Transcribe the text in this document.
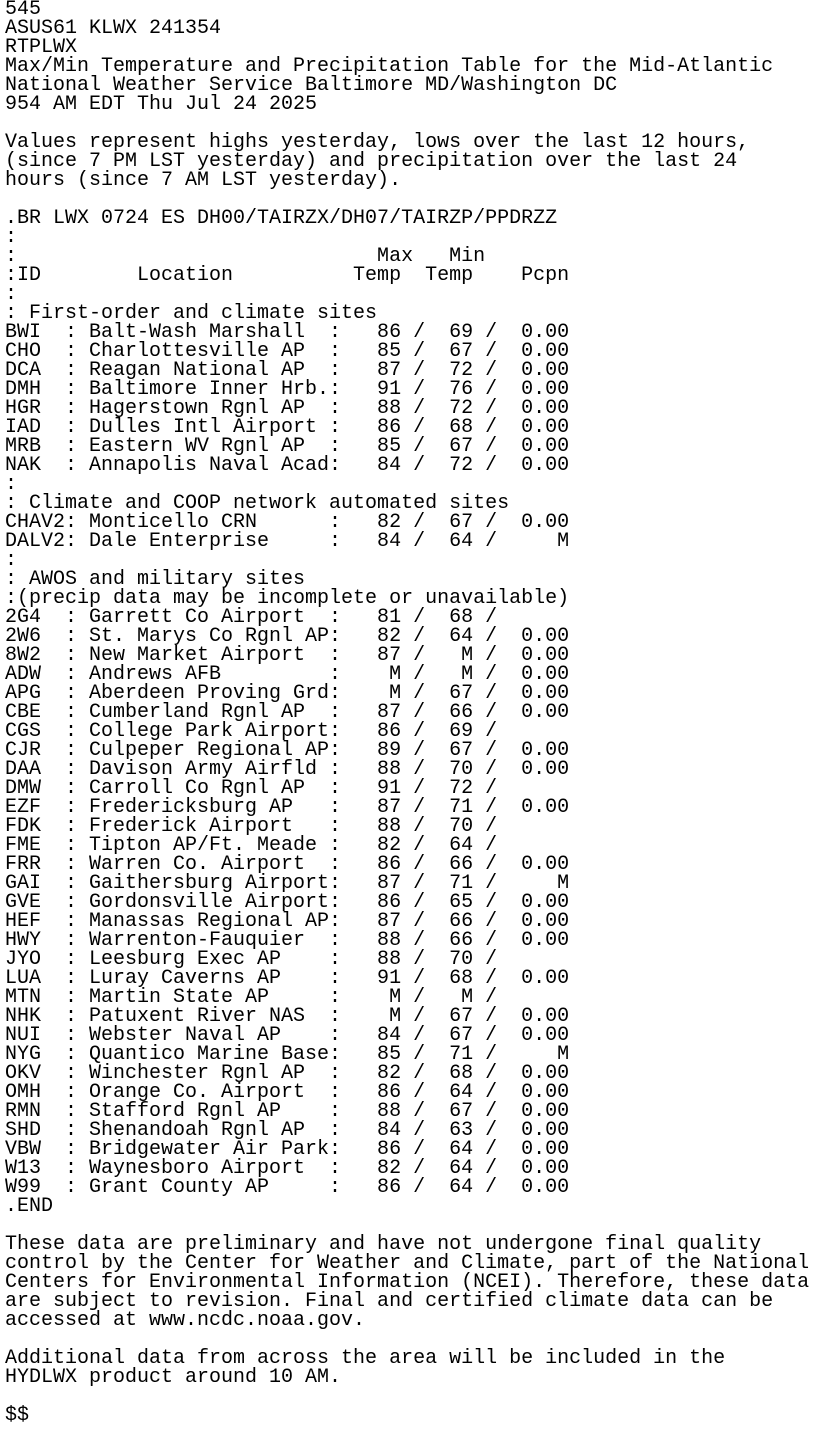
545
ASUS61 KLWX 241354
RTPLWX
Max/Min Temperature and Precipitation Table for the Mid-Atlantic
National Weather Service Baltimore MD/Washington DC
954 AM EDT Thu Jul 24 2025
Values represent highs yesterday, lows over the last 12 hours,
(since 7 PM LST yesterday) and precipitation over the last 24
hours (since 7 AM LST yesterday).
.BR LWX 0724 ES DH00/TAIRZX/DH07/TAIRZP/PPDRZZ
:
:                              Max   Min
:ID        Location          Temp  Temp    Pcpn
:
: First-order and climate sites
BWI  : Balt-Wash Marshall  :   86 /  69 /  0.00
CHO  : Charlottesville AP  :   85 /  67 /  0.00
DCA  : Reagan National AP  :   87 /  72 /  0.00
DMH  : Baltimore Inner Hrb.:   91 /  76 /  0.00
HGR  : Hagerstown Rgnl AP  :   88 /  72 /  0.00
IAD  : Dulles Intl Airport :   86 /  68 /  0.00
MRB  : Eastern WV Rgnl AP  :   85 /  67 /  0.00
NAK  : Annapolis Naval Acad:   84 /  72 /  0.00
:
: Climate and COOP network automated sites
CHAV2: Monticello CRN      :   82 /  67 /  0.00
DALV2: Dale Enterprise     :   84 /  64 /     M
:
: AWOS and military sites
:(precip data may be incomplete or unavailable)
2G4  : Garrett Co Airport  :   81 /  68 /
2W6  : St. Marys Co Rgnl AP:   82 /  64 /  0.00
8W2  : New Market Airport  :   87 /   M /  0.00
ADW  : Andrews AFB         :    M /   M /  0.00
APG  : Aberdeen Proving Grd:    M /  67 /  0.00
CBE  : Cumberland Rgnl AP  :   87 /  66 /  0.00
CGS  : College Park Airport:   86 /  69 /
CJR  : Culpeper Regional AP:   89 /  67 /  0.00
DAA  : Davison Army Airfld :   88 /  70 /  0.00
DMW  : Carroll Co Rgnl AP  :   91 /  72 /
EZF  : Fredericksburg AP   :   87 /  71 /  0.00
FDK  : Frederick Airport   :   88 /  70 /
FME  : Tipton AP/Ft. Meade :   82 /  64 /
FRR  : Warren Co. Airport  :   86 /  66 /  0.00
GAI  : Gaithersburg Airport:   87 /  71 /     M
GVE  : Gordonsville Airport:   86 /  65 /  0.00
HEF  : Manassas Regional AP:   87 /  66 /  0.00
HWY  : Warrenton-Fauquier  :   88 /  66 /  0.00
JYO  : Leesburg Exec AP    :   88 /  70 /
LUA  : Luray Caverns AP    :   91 /  68 /  0.00
MTN  : Martin State AP     :    M /   M /
NHK  : Patuxent River NAS  :    M /  67 /  0.00
NUI  : Webster Naval AP    :   84 /  67 /  0.00
NYG  : Quantico Marine Base:   85 /  71 /     M
OKV  : Winchester Rgnl AP  :   82 /  68 /  0.00
OMH  : Orange Co. Airport  :   86 /  64 /  0.00
RMN  : Stafford Rgnl AP    :   88 /  67 /  0.00
SHD  : Shenandoah Rgnl AP  :   84 /  63 /  0.00
VBW  : Bridgewater Air Park:   86 /  64 /  0.00
W13  : Waynesboro Airport  :   82 /  64 /  0.00
W99  : Grant County AP     :   86 /  64 /  0.00
.END
These data are preliminary and have not undergone final quality
control by the Center for Weather and Climate, part of the National
Centers for Environmental Information (NCEI). Therefore, these data
are subject to revision. Final and certified climate data can be
accessed at www.ncdc.noaa.gov.
Additional data from across the area will be included in the
HYDLWX product around 10 AM.
$$
